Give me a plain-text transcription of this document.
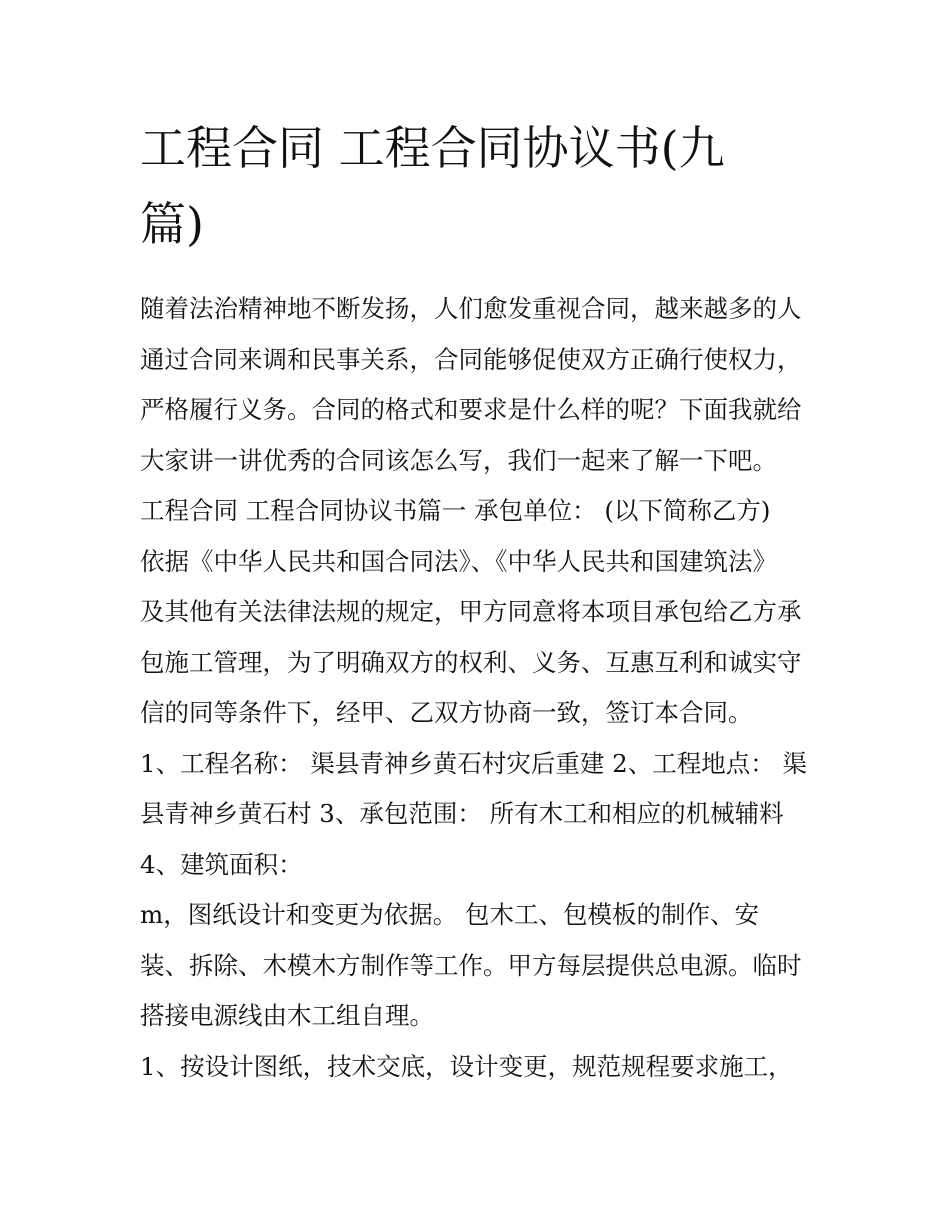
工程合同 工程合同协议书(九
篇)
随着法治精神地不断发扬，人们愈发重视合同，越来越多的人
通过合同来调和民事关系，合同能够促使双方正确行使权力，
严格履行义务。合同的格式和要求是什么样的呢？下面我就给
大家讲一讲优秀的合同该怎么写，我们一起来了解一下吧。
工程合同 工程合同协议书篇一 承包单位： (以下简称乙方)
依据《中华人民共和国合同法》、《中华人民共和国建筑法》
及其他有关法律法规的规定，甲方同意将本项目承包给乙方承
包施工管理，为了明确双方的权利、义务、互惠互利和诚实守
信的同等条件下，经甲、乙双方协商一致，签订本合同。
1、工程名称： 渠县青神乡黄石村灾后重建 2、工程地点： 渠
县青神乡黄石村 3、承包范围： 所有木工和相应的机械辅料
4、建筑面积：
m，图纸设计和变更为依据。 包木工、包模板的制作、安
装、拆除、木模木方制作等工作。甲方每层提供总电源。临时
搭接电源线由木工组自理。
1、按设计图纸，技术交底，设计变更，规范规程要求施工，
